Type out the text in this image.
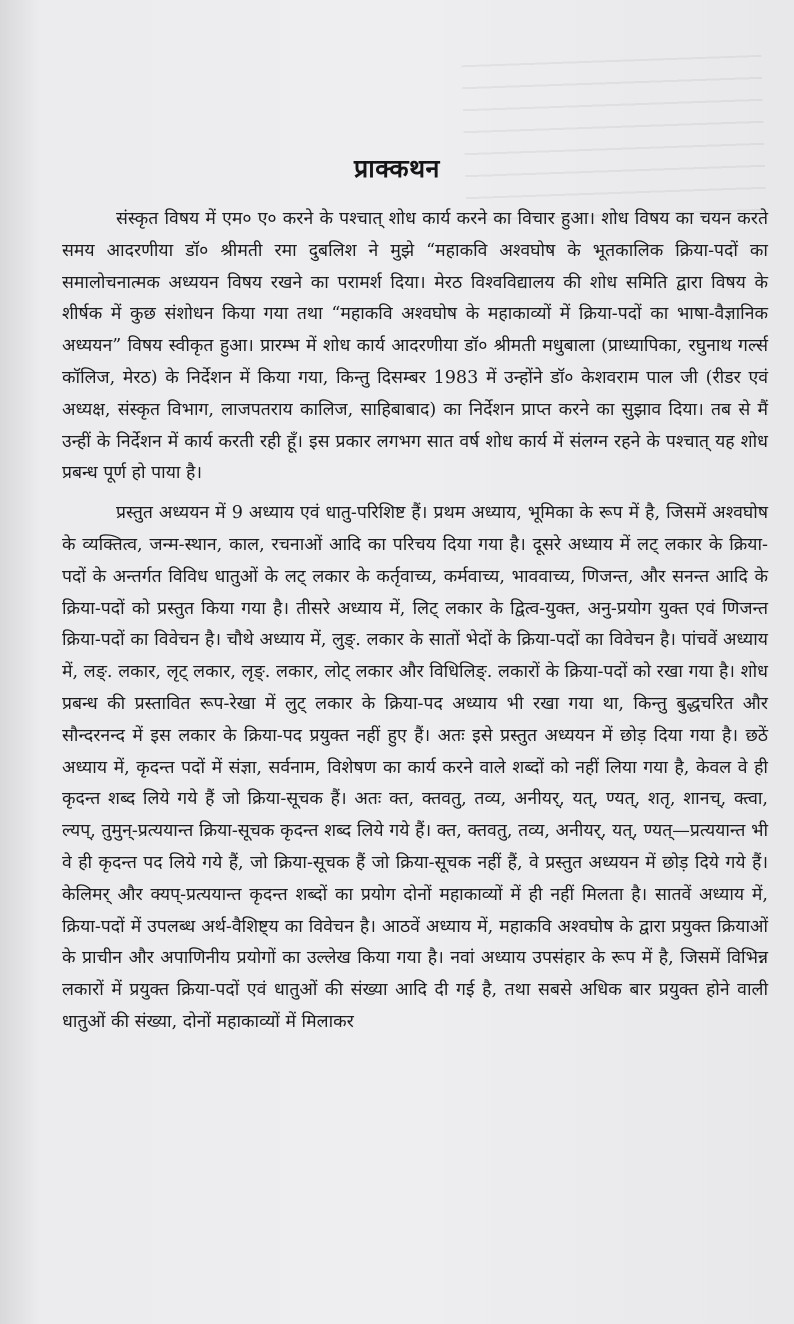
प्राक्कथन

संस्कृत विषय में एम० ए० करने के पश्चात् शोध कार्य करने का विचार हुआ। शोध विषय का चयन करते समय आदरणीया डॉ० श्रीमती रमा दुबलिश ने मुझे “महाकवि अश्वघोष के भूतकालिक क्रिया-पदों का समालोचनात्मक अध्ययन विषय रखने का परामर्श दिया। मेरठ विश्वविद्यालय की शोध समिति द्वारा विषय के शीर्षक में कुछ संशोधन किया गया तथा “महाकवि अश्वघोष के महाकाव्यों में क्रिया-पदों का भाषा-वैज्ञानिक अध्ययन” विषय स्वीकृत हुआ। प्रारम्भ में शोध कार्य आदरणीया डॉ० श्रीमती मधुबाला (प्राध्यापिका, रघुनाथ गर्ल्स कॉलिज, मेरठ) के निर्देशन में किया गया, किन्तु दिसम्बर 1983 में उन्होंने डॉ० केशवराम पाल जी (रीडर एवं अध्यक्ष, संस्कृत विभाग, लाजपतराय कालिज, साहिबाबाद) का निर्देशन प्राप्त करने का सुझाव दिया। तब से मैं उन्हीं के निर्देशन में कार्य करती रही हूँ। इस प्रकार लगभग सात वर्ष शोध कार्य में संलग्न रहने के पश्चात् यह शोध प्रबन्ध पूर्ण हो पाया है।

प्रस्तुत अध्ययन में 9 अध्याय एवं धातु-परिशिष्ट हैं। प्रथम अध्याय, भूमिका के रूप में है, जिसमें अश्वघोष के व्यक्तित्व, जन्म-स्थान, काल, रचनाओं आदि का परिचय दिया गया है। दूसरे अध्याय में लट् लकार के क्रिया-पदों के अन्तर्गत विविध धातुओं के लट् लकार के कर्तृवाच्य, कर्मवाच्य, भाववाच्य, णिजन्त, और सनन्त आदि के क्रिया-पदों को प्रस्तुत किया गया है। तीसरे अध्याय में, लिट् लकार के द्वित्व-युक्त, अनु-प्रयोग युक्त एवं णिजन्त क्रिया-पदों का विवेचन है। चौथे अध्याय में, लुङ्. लकार के सातों भेदों के क्रिया-पदों का विवेचन है। पांचवें अध्याय में, लङ्. लकार, लृट् लकार, लृङ्. लकार, लोट् लकार और विधिलिङ्. लकारों के क्रिया-पदों को रखा गया है। शोध प्रबन्ध की प्रस्तावित रूप-रेखा में लुट् लकार के क्रिया-पद अध्याय भी रखा गया था, किन्तु बुद्धचरित और सौन्दरनन्द में इस लकार के क्रिया-पद प्रयुक्त नहीं हुए हैं। अतः इसे प्रस्तुत अध्ययन में छोड़ दिया गया है। छठें अध्याय में, कृदन्त पदों में संज्ञा, सर्वनाम, विशेषण का कार्य करने वाले शब्दों को नहीं लिया गया है, केवल वे ही कृदन्त शब्द लिये गये हैं जो क्रिया-सूचक हैं। अतः क्त, क्तवतु, तव्य, अनीयर्, यत्, ण्यत्, शतृ, शानच्, क्त्वा, ल्यप्, तुमुन्-प्रत्ययान्त क्रिया-सूचक कृदन्त शब्द लिये गये हैं। क्त, क्तवतु, तव्य, अनीयर्, यत्, ण्यत्—प्रत्ययान्त भी वे ही कृदन्त पद लिये गये हैं, जो क्रिया-सूचक हैं जो क्रिया-सूचक नहीं हैं, वे प्रस्तुत अध्ययन में छोड़ दिये गये हैं। केलिमर् और क्यप्-प्रत्ययान्त कृदन्त शब्दों का प्रयोग दोनों महाकाव्यों में ही नहीं मिलता है। सातवें अध्याय में, क्रिया-पदों में उपलब्ध अर्थ-वैशिष्ट्य का विवेचन है। आठवें अध्याय में, महाकवि अश्वघोष के द्वारा प्रयुक्त क्रियाओं के प्राचीन और अपाणिनीय प्रयोगों का उल्लेख किया गया है। नवां अध्याय उपसंहार के रूप में है, जिसमें विभिन्न लकारों में प्रयुक्त क्रिया-पदों एवं धातुओं की संख्या आदि दी गई है, तथा सबसे अधिक बार प्रयुक्त होने वाली धातुओं की संख्या, दोनों महाकाव्यों में मिलाकर
